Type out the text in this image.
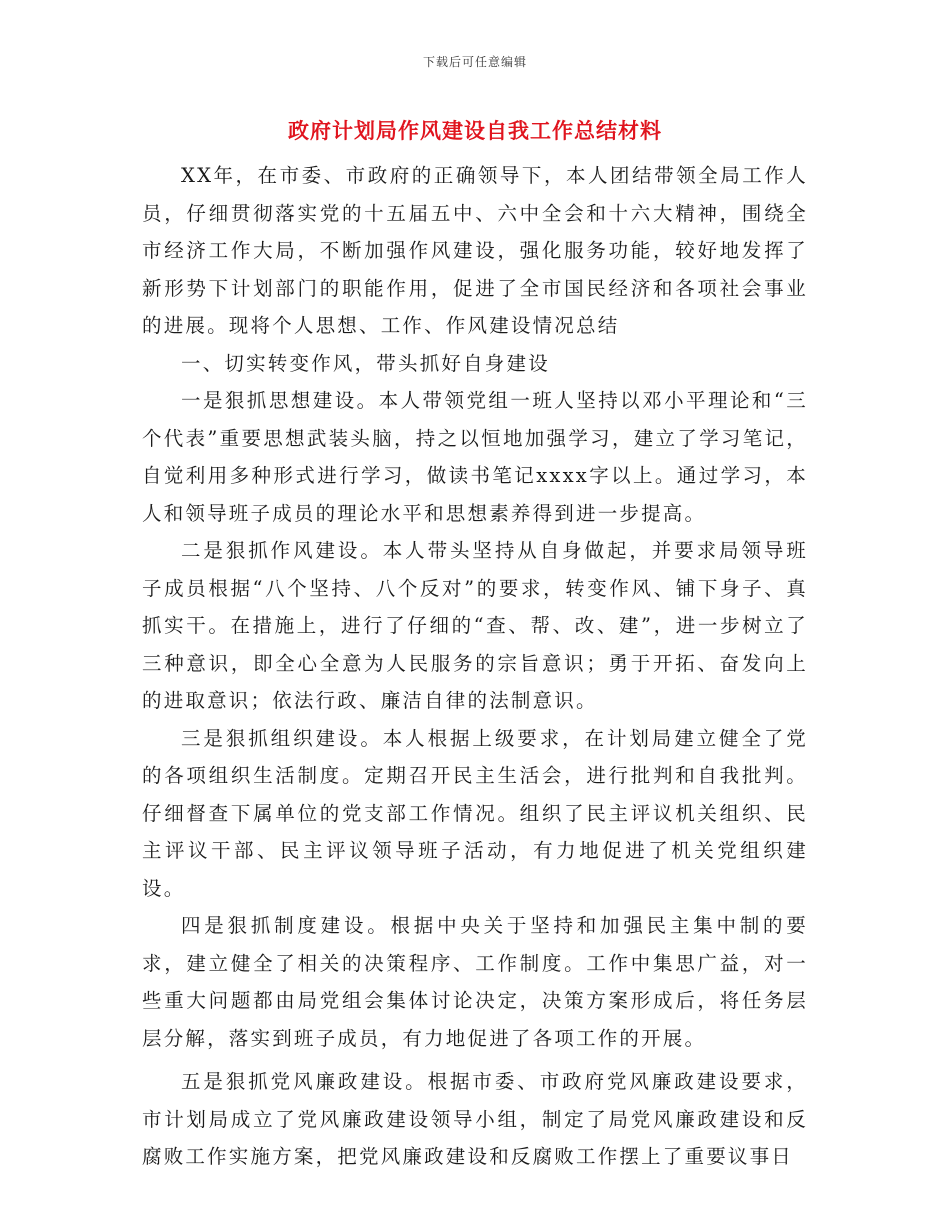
下载后可任意编辑
政府计划局作风建设自我工作总结材料

XX年，在市委、市政府的正确领导下，本人团结带领全局工作人员，仔细贯彻落实党的十五届五中、六中全会和十六大精神，围绕全市经济工作大局，不断加强作风建设，强化服务功能，较好地发挥了新形势下计划部门的职能作用，促进了全市国民经济和各项社会事业的进展。现将个人思想、工作、作风建设情况总结

一、切实转变作风，带头抓好自身建设

一是狠抓思想建设。本人带领党组一班人坚持以邓小平理论和“三个代表”重要思想武装头脑，持之以恒地加强学习，建立了学习笔记，自觉利用多种形式进行学习，做读书笔记xxxx字以上。通过学习，本人和领导班子成员的理论水平和思想素养得到进一步提高。

二是狠抓作风建设。本人带头坚持从自身做起，并要求局领导班子成员根据“八个坚持、八个反对”的要求，转变作风、铺下身子、真抓实干。在措施上，进行了仔细的“查、帮、改、建”，进一步树立了三种意识，即全心全意为人民服务的宗旨意识；勇于开拓、奋发向上的进取意识；依法行政、廉洁自律的法制意识。

三是狠抓组织建设。本人根据上级要求，在计划局建立健全了党的各项组织生活制度。定期召开民主生活会，进行批判和自我批判。仔细督查下属单位的党支部工作情况。组织了民主评议机关组织、民主评议干部、民主评议领导班子活动，有力地促进了机关党组织建设。

四是狠抓制度建设。根据中央关于坚持和加强民主集中制的要求，建立健全了相关的决策程序、工作制度。工作中集思广益，对一些重大问题都由局党组会集体讨论决定，决策方案形成后，将任务层层分解，落实到班子成员，有力地促进了各项工作的开展。

五是狠抓党风廉政建设。根据市委、市政府党风廉政建设要求，市计划局成立了党风廉政建设领导小组，制定了局党风廉政建设和反腐败工作实施方案，把党风廉政建设和反腐败工作摆上了重要议事日
